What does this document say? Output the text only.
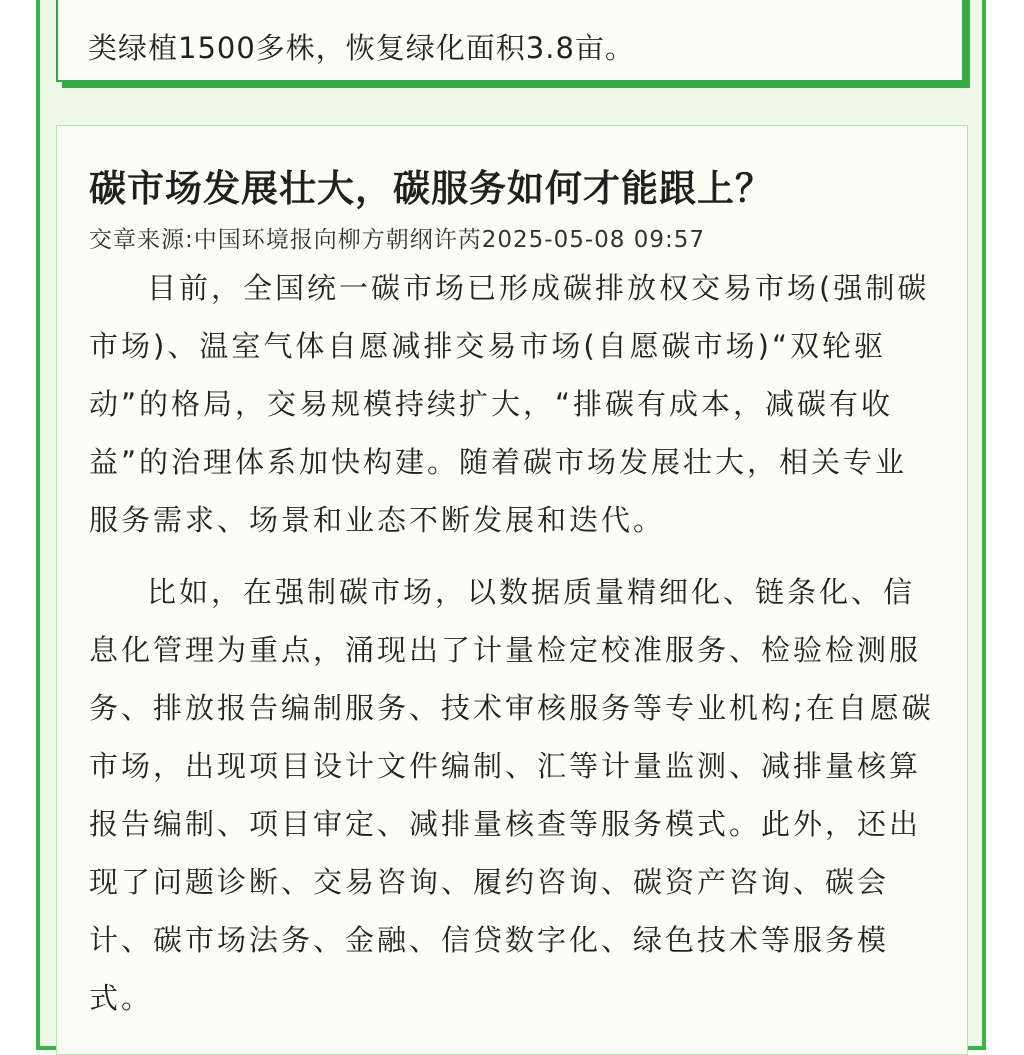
类绿植1500多株，恢复绿化面积3.8亩。
碳市场发展壮大，碳服务如何才能跟上？
交章来源:中国环境报向柳方朝纲许芮2025-05-08 09:57

目前，全国统一碳市场已形成碳排放权交易市场(强制碳市场)、温室气体自愿减排交易市场(自愿碳市场)“双轮驱动”的格局，交易规模持续扩大，“排碳有成本，减碳有收益”的治理体系加快构建。随着碳市场发展壮大，相关专业服务需求、场景和业态不断发展和迭代。

比如，在强制碳市场，以数据质量精细化、链条化、信息化管理为重点，涌现出了计量检定校准服务、检验检测服务、排放报告编制服务、技术审核服务等专业机构;在自愿碳市场，出现项目设计文件编制、汇等计量监测、减排量核算报告编制、项目审定、减排量核查等服务模式。此外，还出现了问题诊断、交易咨询、履约咨询、碳资产咨询、碳会计、碳市场法务、金融、信贷数字化、绿色技术等服务模式。
